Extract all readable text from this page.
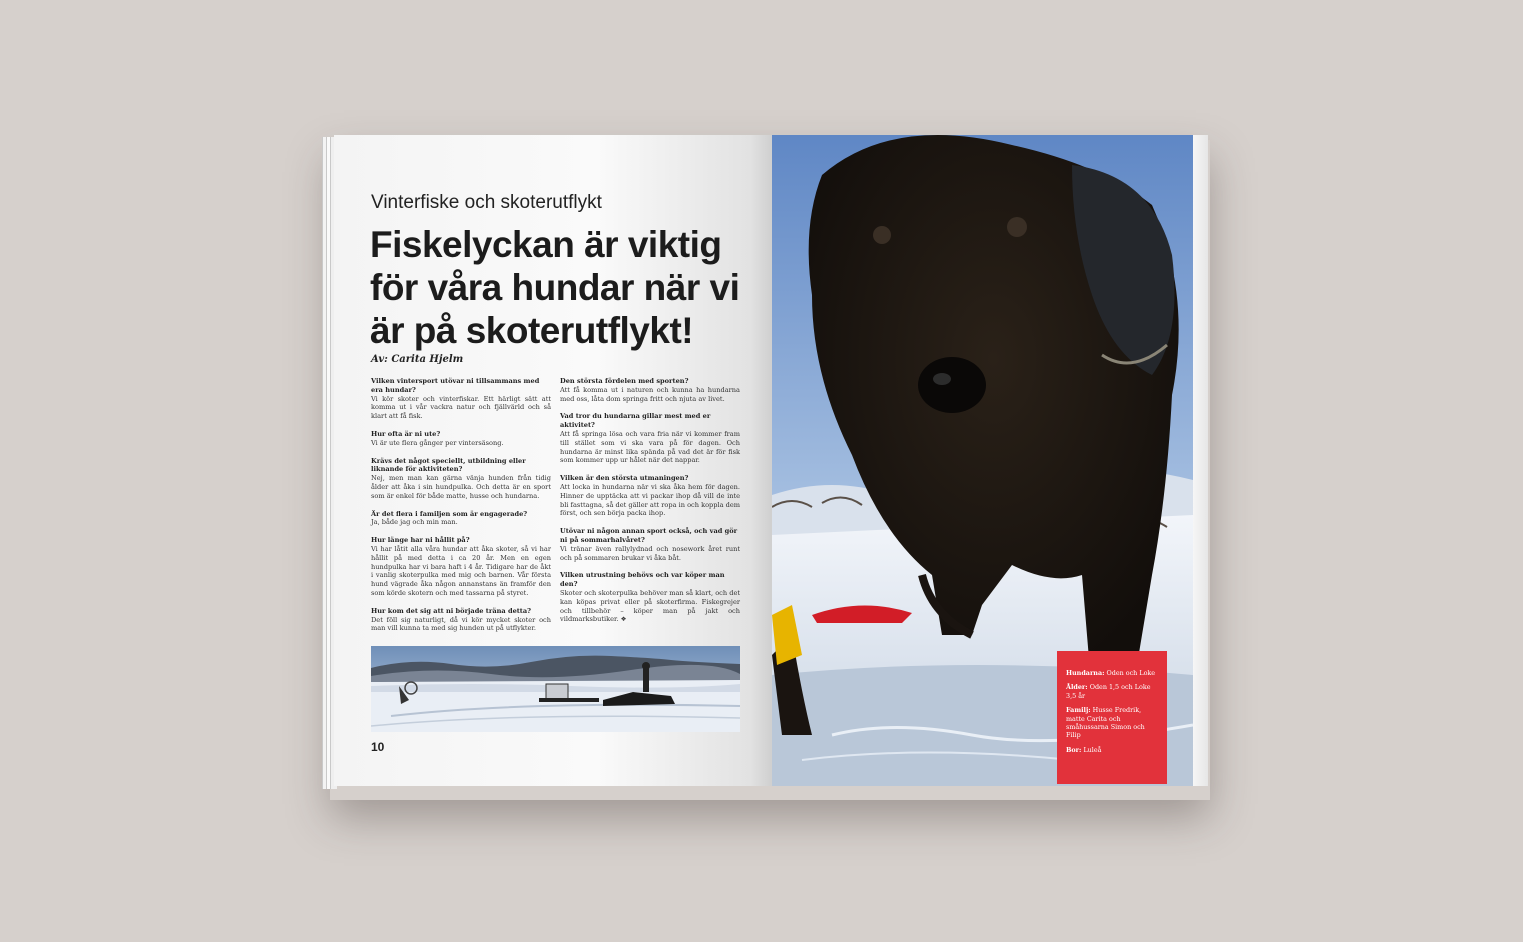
Vinterfiske och skoterutflykt
Fiskelyckan är viktig för våra hundar när vi är på skoterutflykt!
Av: Carita Hjelm
Vilken vintersport utövar ni tillsammans med era hundar?
Vi kör skoter och vinterfiskar. Ett härligt sätt att komma ut i vår vackra natur och fjällvärld och så klart att få fisk.
Hur ofta är ni ute?
Vi är ute flera gånger per vintersäsong.
Krävs det något speciellt, utbildning eller liknande för aktiviteten?
Nej, men man kan gärna vänja hunden från tidig ålder att åka i sin hundpulka. Och detta är en sport som är enkel för både matte, husse och hundarna.
Är det flera i familjen som är engagerade?
Ja, både jag och min man.
Hur länge har ni hållit på?
Vi har låtit alla våra hundar att åka skoter, så vi har hållit på med detta i ca 20 år. Men en egen hundpulka har vi bara haft i 4 år. Tidigare har de åkt i vanlig skoterpulka med mig och barnen. Vår första hund vägrade åka någon annanstans än framför den som körde skotern och med tassarna på styret.
Hur kom det sig att ni började träna detta?
Det föll sig naturligt, då vi kör mycket skoter och man vill kunna ta med sig hunden ut på utflykter.
Den största fördelen med sporten?
Att få komma ut i naturen och kunna ha hundarna med oss, låta dom springa fritt och njuta av livet.
Vad tror du hundarna gillar mest med er aktivitet?
Att få springa lösa och vara fria när vi kommer fram till stället som vi ska vara på för dagen. Och hundarna är minst lika spända på vad det är för fisk som kommer upp ur hålet när det nappar.
Vilken är den största utmaningen?
Att locka in hundarna när vi ska åka hem för dagen. Hinner de upptäcka att vi packar ihop då vill de inte bli fasttagna, så det gäller att ropa in och koppla dem först, och sen börja packa ihop.
Utövar ni någon annan sport också, och vad gör ni på sommarhalvåret?
Vi tränar även rallylydnad och nosework året runt och på sommaren brukar vi åka båt.
Vilken utrustning behövs och var köper man den?
Skoter och skoterpulka behöver man så klart, och det kan köpas privat eller på skoterfirma. Fiskegrejer och tillbehör – köper man på jakt och vildmarksbutiker. ❖
10
Hundarna: Oden och Loke
Ålder: Oden 1,5 och Loke 3,5 år
Familj: Husse Fredrik, matte Carita och småhussarna Simon och Filip
Bor: Luleå
